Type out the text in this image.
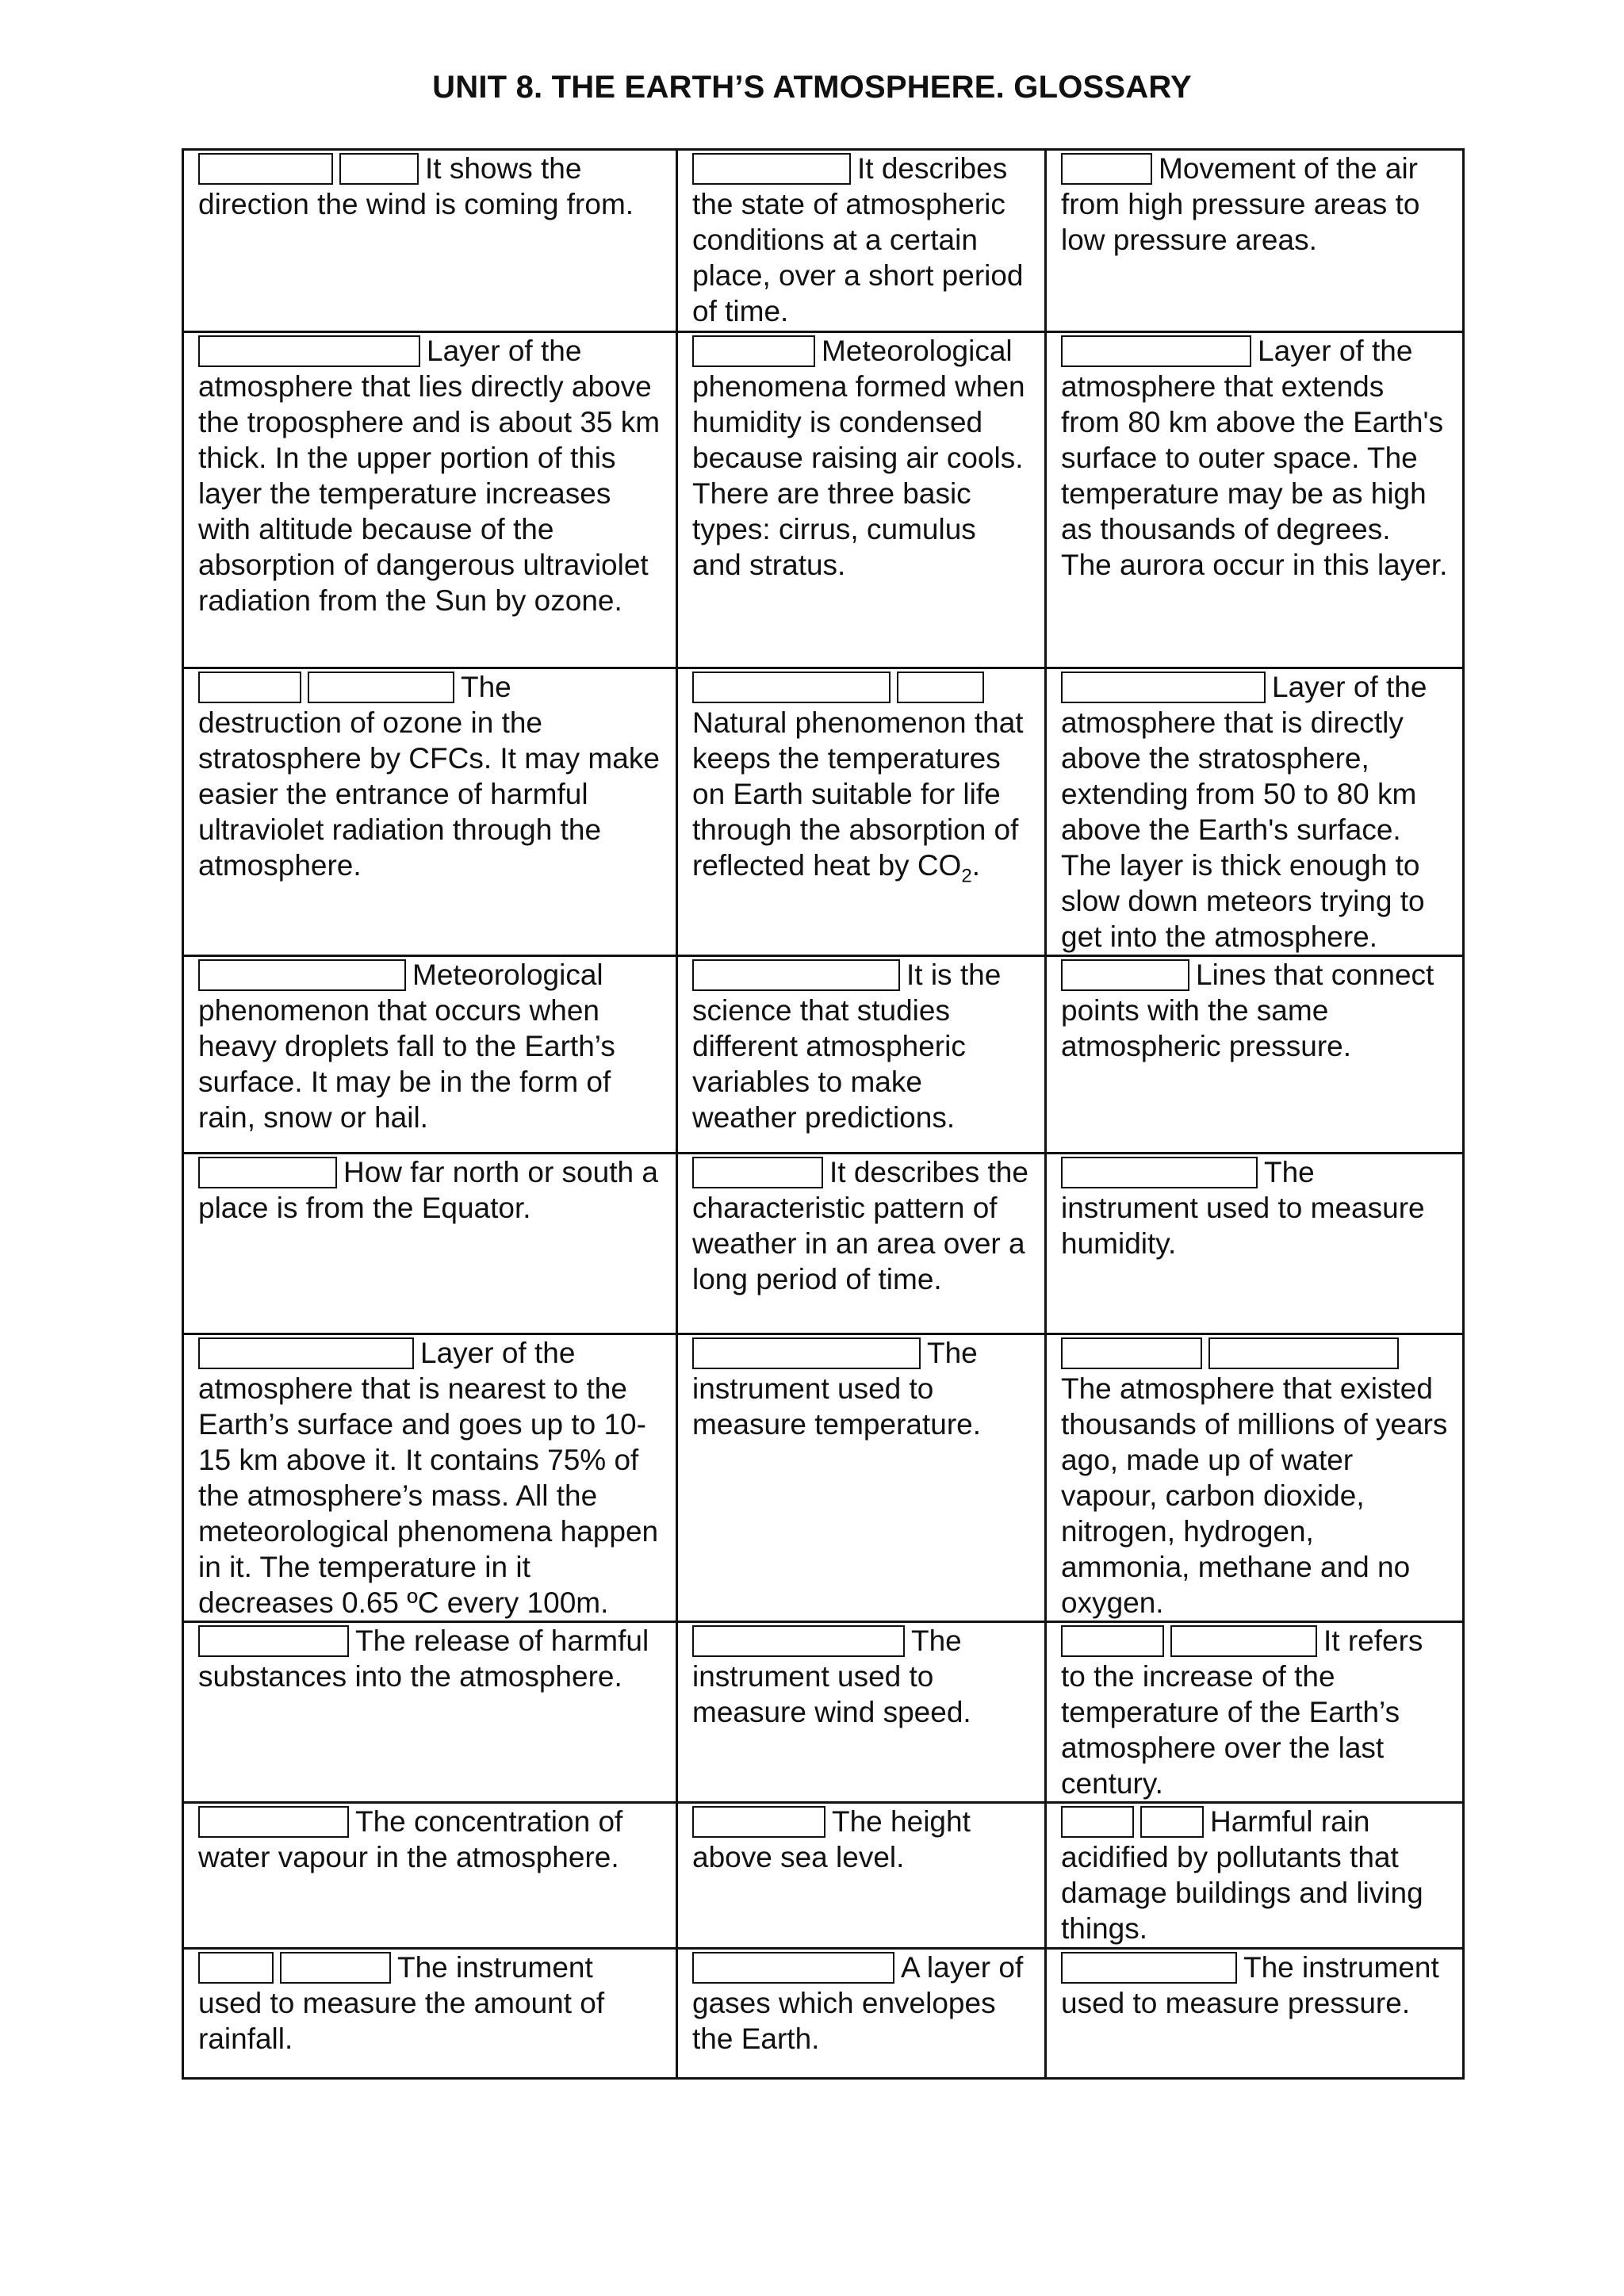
UNIT 8. THE EARTH’S ATMOSPHERE. GLOSSARY
It shows the direction the wind is coming from.	It describes the state of atmospheric conditions at a certain place, over a short period of time.	Movement of the air from high pressure areas to low pressure areas.
Layer of the atmosphere that lies directly above the troposphere and is about 35 km thick. In the upper portion of this layer the temperature increases with altitude because of the absorption of dangerous ultraviolet radiation from the Sun by ozone.	Meteorological phenomena formed when humidity is condensed because raising air cools. There are three basic types: cirrus, cumulus and stratus.	Layer of the atmosphere that extends from 80 km above the Earth's surface to outer space. The temperature may be as high as thousands of degrees. The aurora occur in this layer.
The destruction of ozone in the stratosphere by CFCs. It may make easier the entrance of harmful ultraviolet radiation through the atmosphere.	Natural phenomenon that keeps the temperatures on Earth suitable for life through the absorption of reflected heat by $CO_2$.	Layer of the atmosphere that is directly above the stratosphere, extending from 50 to 80 km above the Earth's surface. The layer is thick enough to slow down meteors trying to get into the atmosphere.
Meteorological phenomenon that occurs when heavy droplets fall to the Earth’s surface. It may be in the form of rain, snow or hail.	It is the science that studies different atmospheric variables to make weather predictions.	Lines that connect points with the same atmospheric pressure.
How far north or south a place is from the Equator.	It describes the characteristic pattern of weather in an area over a long period of time.	The instrument used to measure humidity.
Layer of the atmosphere that is nearest to the Earth’s surface and goes up to 10-15 km above it. It contains 75% of the atmosphere’s mass. All the meteorological phenomena happen in it. The temperature in it decreases 0.65 ºC every 100m.	The instrument used to measure temperature.	The atmosphere that existed thousands of millions of years ago, made up of water vapour, carbon dioxide, nitrogen, hydrogen, ammonia, methane and no oxygen.
The release of harmful substances into the atmosphere.	The instrument used to measure wind speed.	It refers to the increase of the temperature of the Earth’s atmosphere over the last century.
The concentration of water vapour in the atmosphere.	The height above sea level.	Harmful rain acidified by pollutants that damage buildings and living things.
The instrument used to measure the amount of rainfall.	A layer of gases which envelopes the Earth.	The instrument used to measure pressure.
